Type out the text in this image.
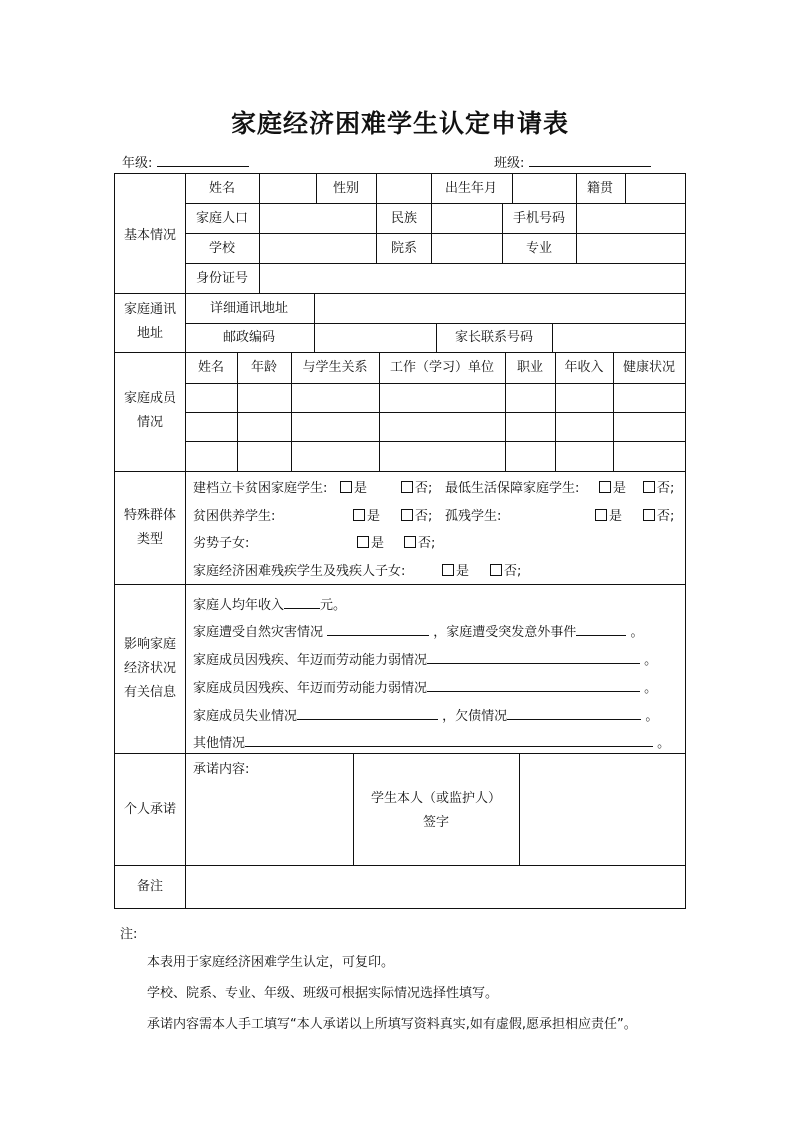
家庭经济困难学生认定申请表
年级:	班级:
基本情况
姓名	性别	出生年月	籍贯
家庭人口	民族	手机号码
学校	院系	专业
身份证号
家庭通讯
地址
详细通讯地址
邮政编码	家长联系号码
家庭成员
情况
姓名 年龄 与学生关系 工作（学习）单位 职业 年收入 健康状况
特殊群体
类型
建档立卡贫困家庭学生:	是	否; 最低生活保障家庭学生:	是	否;
贫困供养学生:	是	否; 孤残学生:	是	否;
劣势子女:	是	否;
家庭经济困难残疾学生及残疾人子女:	是	否;
影响家庭
经济状况
有关信息
家庭人均年收入	元。
家庭遭受自然灾害情况	，家庭遭受突发意外事件	。
家庭成员因残疾、年迈而劳动能力弱情况	。
家庭成员因残疾、年迈而劳动能力弱情况	。
家庭成员失业情况	，欠债情况	。
其他情况	。
个人承诺
承诺内容:
学生本人（或监护人）
签字
备注
注:
本表用于家庭经济困难学生认定，可复印。
学校、院系、专业、年级、班级可根据实际情况选择性填写。
承诺内容需本人手工填写“本人承诺以上所填写资料真实,如有虚假,愿承担相应责任”。
